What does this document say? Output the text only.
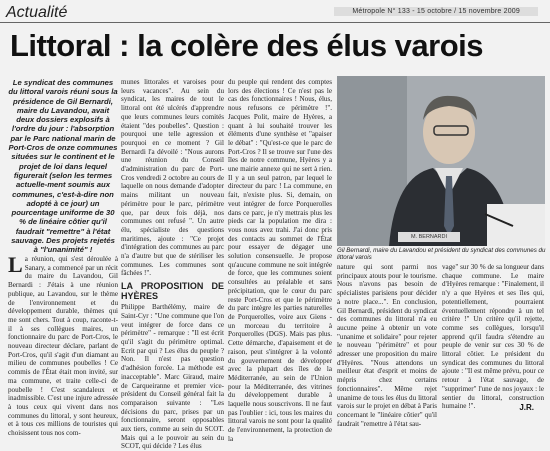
Actualité	Métropole N° 133 - 15 octobre / 15 novembre 2009
Littoral : la colère des élus varois
Le syndicat des communes du littoral varois réuni sous la présidence de Gil Bernardi, maire du Lavandou, avait deux dossiers explosifs à l'ordre du jour : l'absorption par le Parc national marin de Port-Cros de onze communes situées sur le continent et le projet de loi dans lequel figurerait (selon les termes actuelle-ment soumis aux communes, c'est-à-dire non adopté à ce jour) un pourcentage uniforme de 30 % de linéaire côtier qu'il faudrait "remettre" à l'état sauvage. Des projets rejetés à "l'unanimité" !
La réunion, qui s'est déroulée à Sanary, a commencé par un récit du maire du Lavandou, Gil Bernardi : J'étais à une réunion publique, au Lavandou, sur le thème de l'environnement et du développement durable, thèmes qui me sont chers. Tout à coup, raconte-t-il à ses collègues maires, un fonctionnaire du parc de Port-Cros, le nouveau directeur déclare, parlant de Port-Cros, qu'il s'agit d'un diamant au milieu de communes poubelles ! Ce commis de l'État était mon invité, sur ma commune, et traite celle-ci de poubelle ! C'est scandaleux et inadmissible. C'est une injure adressée à tous ceux qui vivent dans nos communes du littoral, y sont heureux, et à tous ces millions de touristes qui choisissent tous nos com-
munes littorales et varoises pour leurs vacances". Au sein du syndicat, les maires de tout le littoral ont été ulcérés d'apprendre que leurs communes leurs comités étaient "des poubelles". Question : pourquoi une telle agression et pourquoi en ce moment ? Gil Bernardi l'a dévoilé : "Nous aurons une réunion du Conseil d'administration du parc de Port-Cros vendredi 2 octobre au cours de laquelle on nous demande d'adopter mains militant un nouveau périmètre pour le parc, périmètre que, par deux fois déjà, nos communes ont refusé ". Un autre élu, spécialiste des questions maritimes, ajoute : "Ce projet d'intégration des communes au parc n'a d'autre but que de stériliser les communes. Les communes sont fâchées !".
LA PROPOSITION DE HYÈRES
Philippe Barthélémy, maire de Saint-Cyr : "Une commune que l'on veut intégrer de force dans ce périmètre" - remarque : "Il est écrit qu'il s'agit du périmètre optimal. Ecrit par qui ? Les élus du peuple ? Non. Il n'est pas question d'adhésion forcée. La méthode est inacceptable". Marc Giraud, maire de Carqueiranne et premier vice-président du Conseil général fait la comparaison suivante : "Les décisions du parc, prises par un fonctionnaire, seront opposables aux tiers, comme au sein du SCOT. Mais qui a le pouvoir au sein du SCOT, qui décide ? Les élus
du peuple qui rendent des comptes lors des élections ! Ce n'est pas le cas des fonctionnaires ! Nous, élus, nous refusons ce périmètre !". Jacques Polit, maire de Hyères, a quant à lui souhaité trouver les éléments d'une synthèse et "apaiser le débat" : "Qu'est-ce que le parc de Port-Cros ? Il se trouve sur l'une des îles de notre commune, Hyères y a une mairie annexe qui ne sert à rien. Il y a un seul patron, par lequel le directeur du parc ! La commune, en fait, n'existe plus. Si, demain, on veut intégrer de force Porquerolles dans ce parc, je n'y mettrais plus les pieds car la population me dira : vous nous avez trahi. J'ai donc pris des contacts au sommet de l'État pour essayer de dégager une solution consensuelle. Je propose qu'aucune commune ne soit intégrée de force, que les communes soient consultées au préalable et sans précipitation, que le cœur du parc reste Port-Cros et que le périmètre du parc intègre les parties naturelles de Porquerolles, voire aux Giens - un morceau du territoire à Porquerolles (DGS). Mais pas plus. Cette démarche, d'apaisement et de raison, peut s'intégrer à la volonté du gouvernement de développer avec la plupart des îles de la Méditerranée, au sein de l'Union pour la Méditerranée, des vitrines du développement durable à laquelle nous souscrivons. Il ne faut pas l'oublier : ici, tous les maires du littoral varois ne sont pour la qualité de l'environnement, la protection de la
M. BERNARDI
Gil Bernardi, maire du Lavandou et président du syndicat des communes du littoral varois
nature qui sont parmi nos principaux atouts pour le tourisme. Nous n'avons pas besoin de spécialistes parisiens pour décider à notre place...". En conclusion, Gil Bernardi, président du syndicat des communes du littoral n'a eu aucune peine à obtenir un vote "unanime et solidaire" pour rejeter le nouveau "périmètre" et pour adresser une proposition du maire d'Hyères. "Nous attendons un meilleur état d'esprit et moins de mépris chez certains fonctionnaires". Même rejet unanime de tous les élus du littoral varois sur le projet en débat à Paris concernant le "linéaire côtier" qu'il faudrait "remettre à l'état sau-
vage" sur 30 % de sa longueur dans chaque commune. Le maire d'Hyères remarque : "Finalement, il n'y a que Hyères et ses îles qui, potentiellement, pourraient éventuellement répondre à un tel critère !" Un critère qu'il rejette, comme ses collègues, lorsqu'il apprend qu'il faudra s'étendre au peuple de venir sur ces 30 % de littoral côtier. Le président du syndicat des communes du littoral ajoute : "Il est même prévu, pour ce retour à l'état sauvage, de "supprimer" l'une de nos joyaux : le sentier du littoral, construction humaine !".	J.R.
